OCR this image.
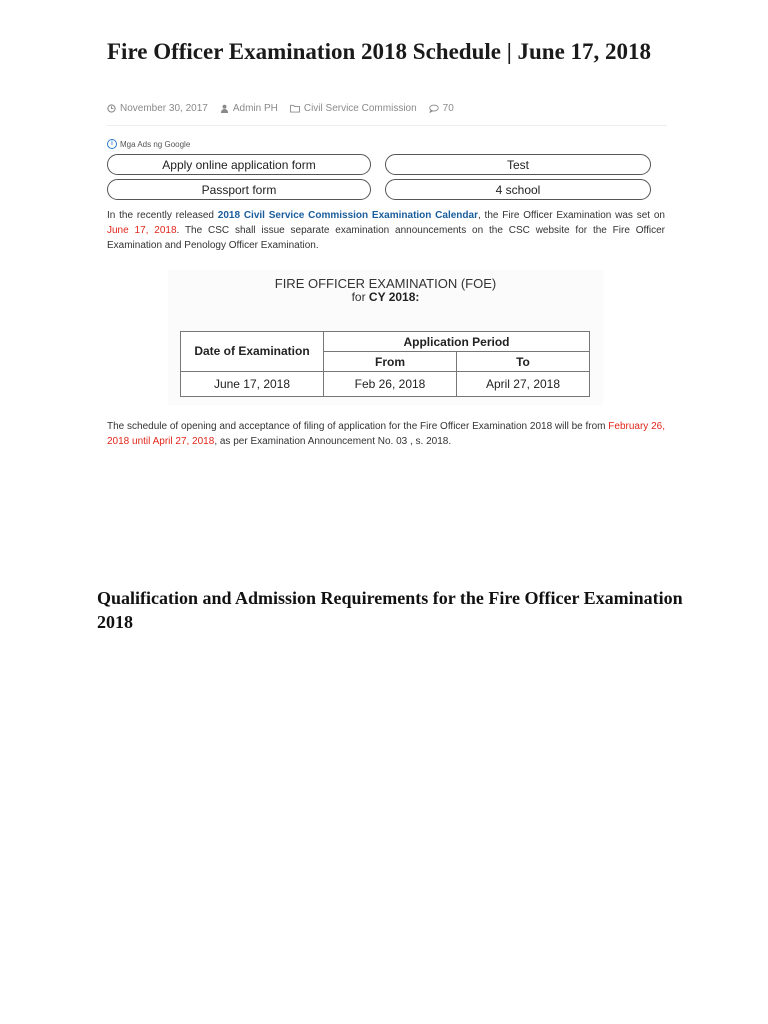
Fire Officer Examination 2018 Schedule | June 17, 2018
November 30, 2017	Admin PH	Civil Service Commission	70
i Mga Ads ng Google
Apply online application form	Test
Passport form	4 school

In the recently released 2018 Civil Service Commission Examination Calendar, the Fire Officer Examination was set on June 17, 2018. The CSC shall issue separate examination announcements on the CSC website for the Fire Officer Examination and Penology Officer Examination.

FIRE OFFICER EXAMINATION (FOE)
for CY 2018:
Date of Examination	Application Period	
	From	To
June 17, 2018	Feb 26, 2018	April 27, 2018

The schedule of opening and acceptance of filing of application for the Fire Officer Examination 2018 will be from February 26, 2018 until April 27, 2018, as per Examination Announcement No. 03 , s. 2018.

Qualification and Admission Requirements for the Fire Officer Examination 2018
